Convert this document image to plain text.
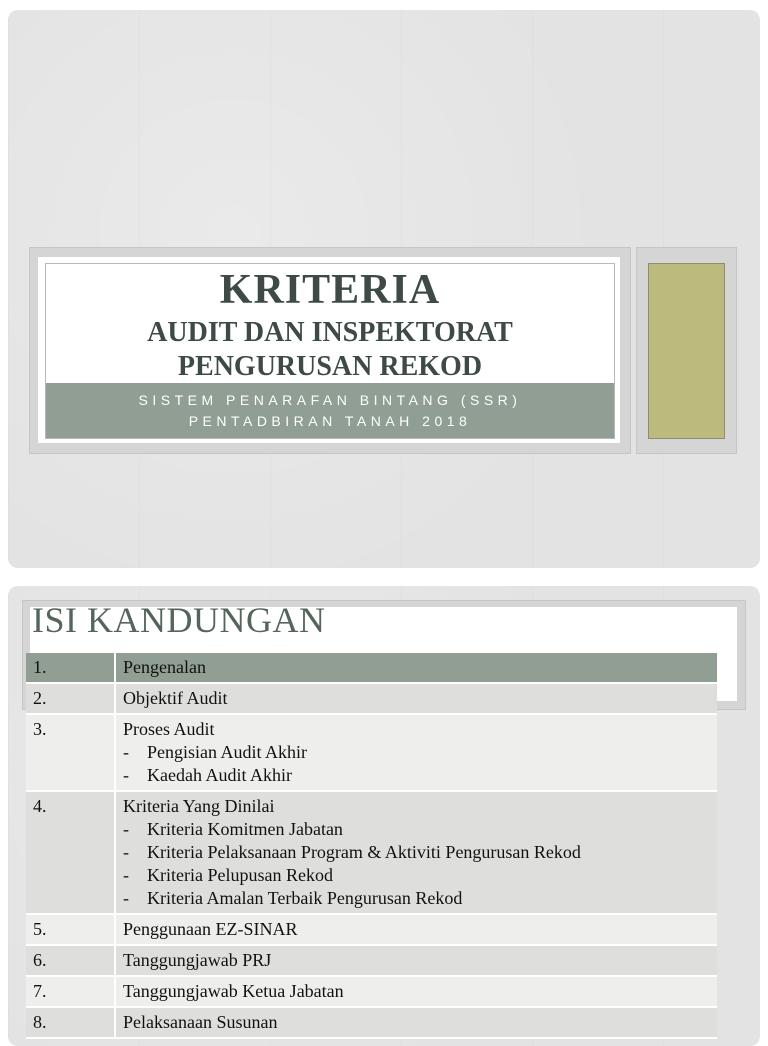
KRITERIA
AUDIT DAN INSPEKTORAT
PENGURUSAN REKOD
SISTEM PENARAFAN BINTANG (SSR)
PENTADBIRAN TANAH 2018
ISI KANDUNGAN
1.	Pengenalan

2.	Objektif Audit

3.	Proses Audit
- Pengisian Audit Akhir
- Kaedah Audit Akhir

4.	Kriteria Yang Dinilai
- Kriteria Komitmen Jabatan
- Kriteria Pelaksanaan Program & Aktiviti Pengurusan Rekod
- Kriteria Pelupusan Rekod
- Kriteria Amalan Terbaik Pengurusan Rekod

5.	Penggunaan EZ-SINAR

6.	Tanggungjawab PRJ

7.	Tanggungjawab Ketua Jabatan

8.	Pelaksanaan Susunan
